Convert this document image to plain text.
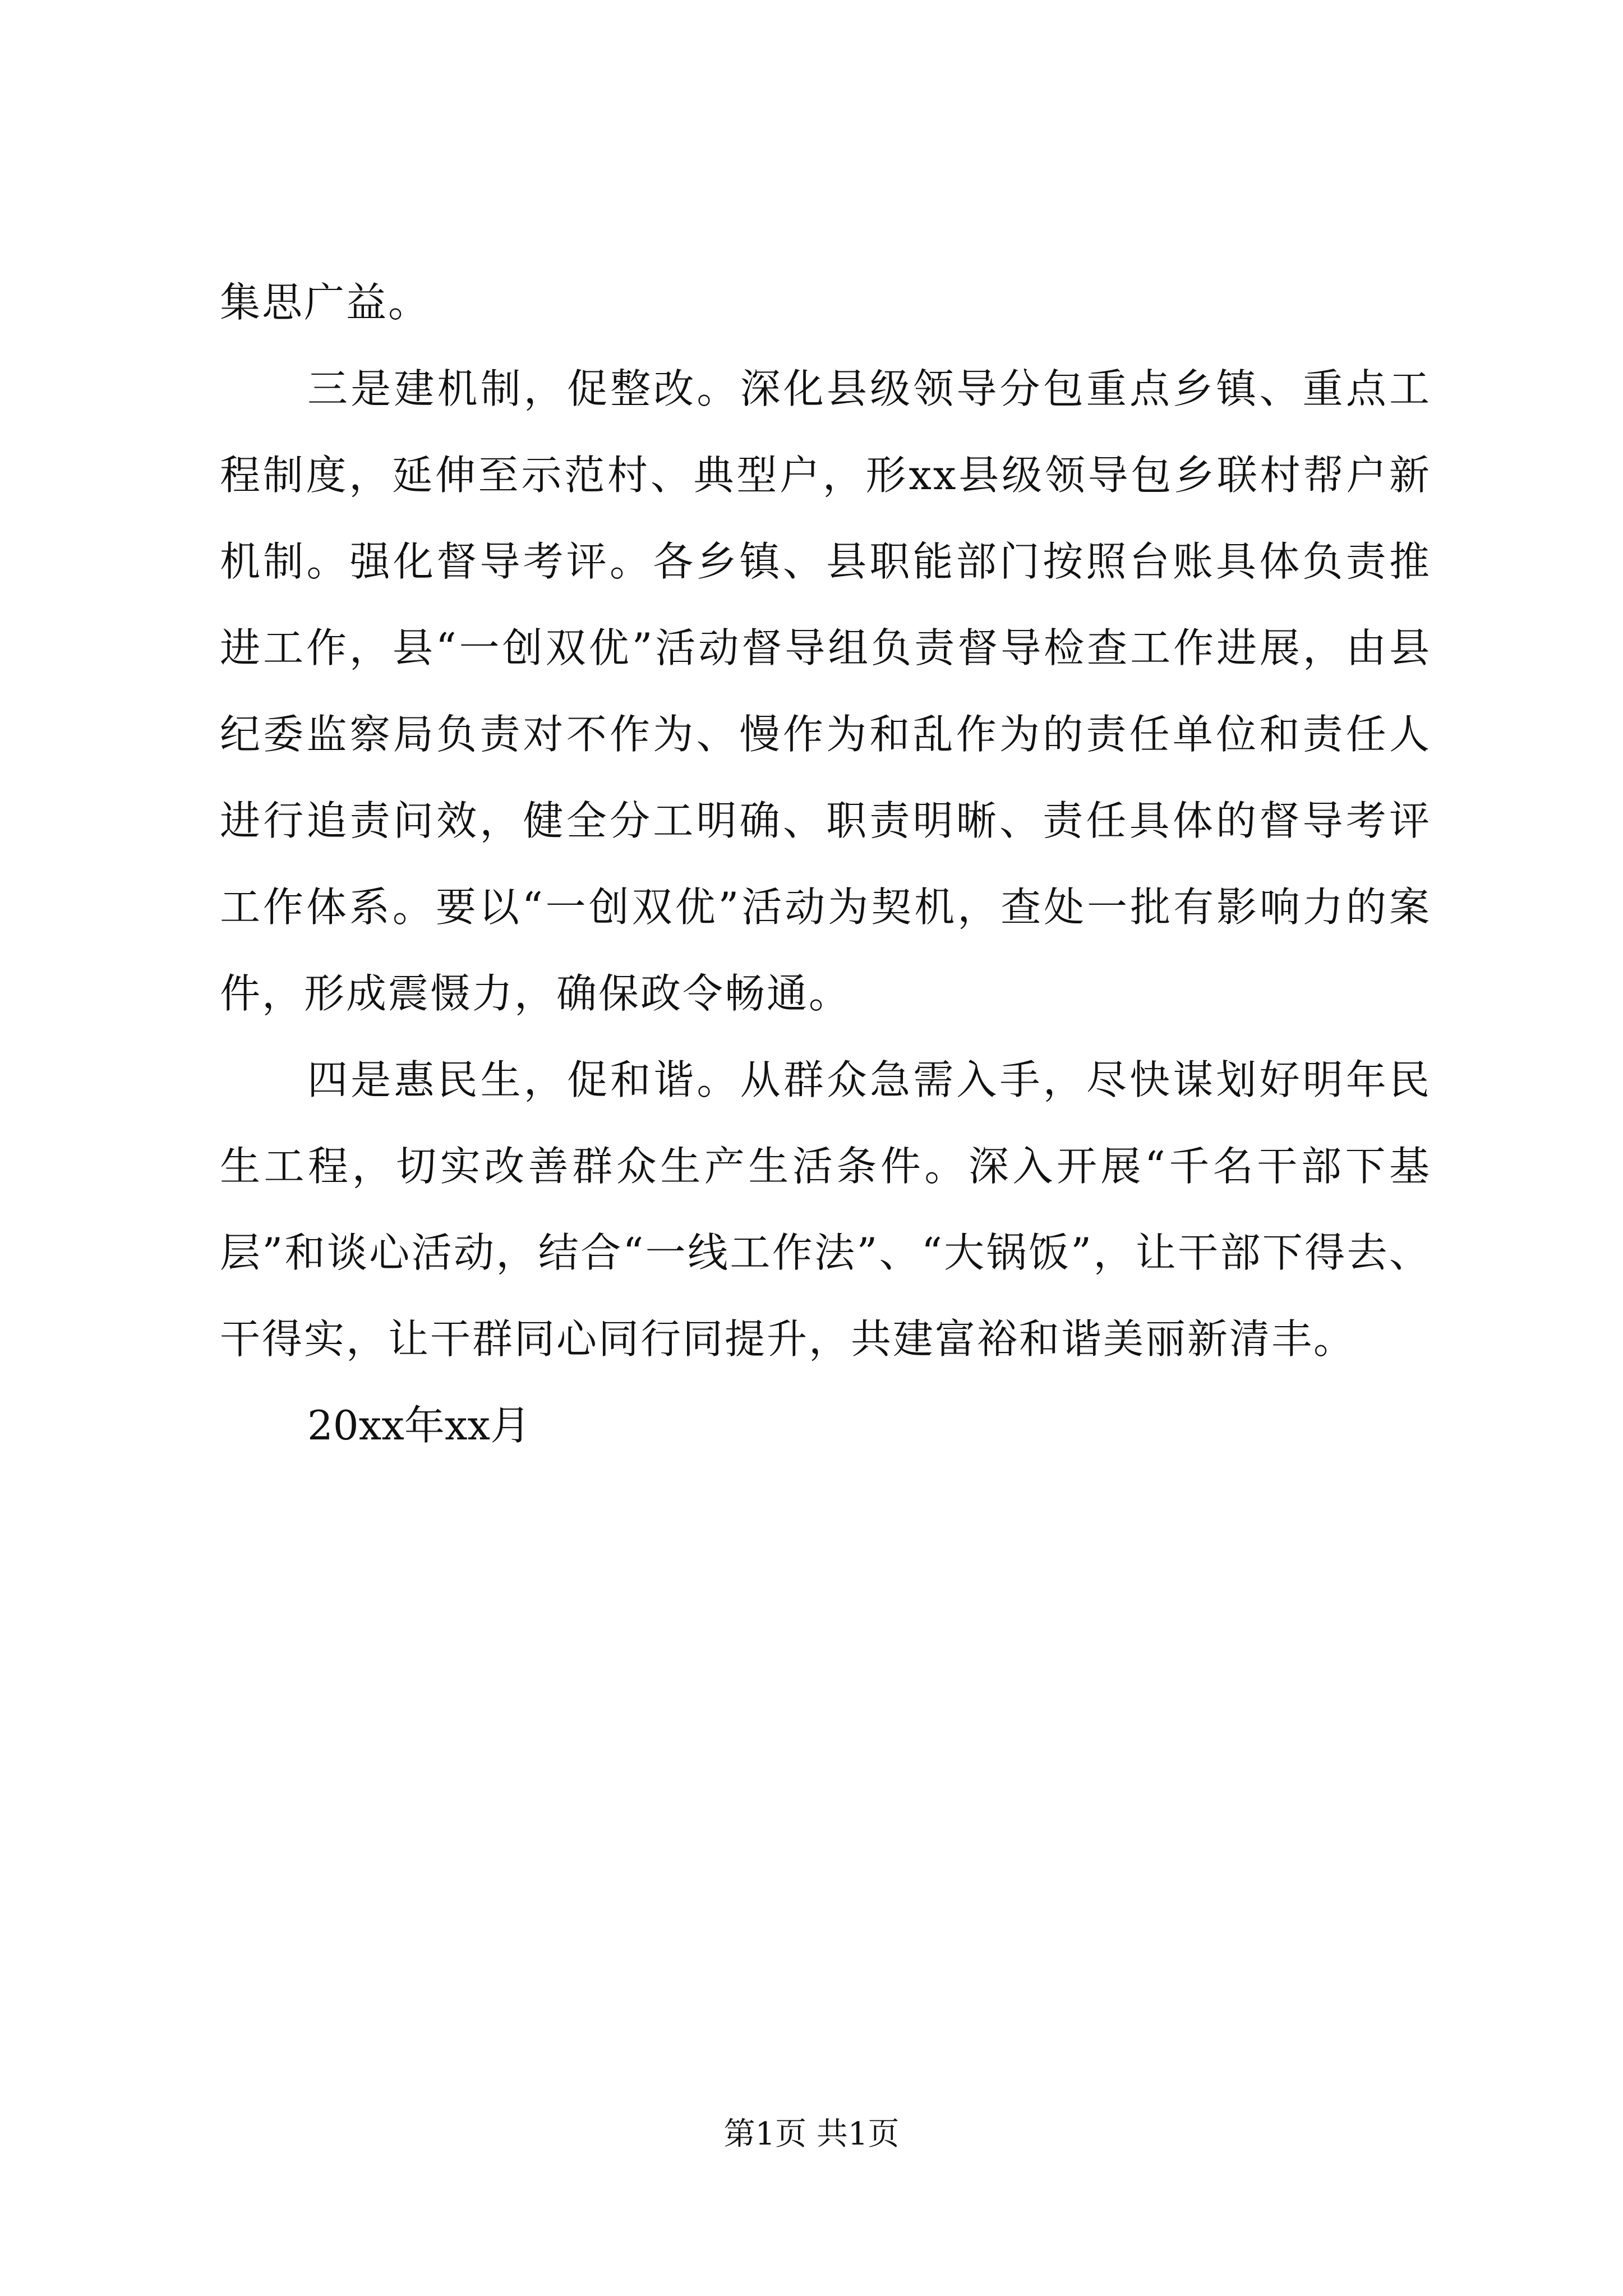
集思广益。

三是建机制，促整改。深化县级领导分包重点乡镇、重点工程制度，延伸至示范村、典型户，形xx县级领导包乡联村帮户新机制。强化督导考评。各乡镇、县职能部门按照台账具体负责推进工作，县“一创双优”活动督导组负责督导检查工作进展，由县纪委监察局负责对不作为、慢作为和乱作为的责任单位和责任人进行追责问效，健全分工明确、职责明晰、责任具体的督导考评工作体系。要以“一创双优”活动为契机，查处一批有影响力的案件，形成震慑力，确保政令畅通。

四是惠民生，促和谐。从群众急需入手，尽快谋划好明年民生工程，切实改善群众生产生活条件。深入开展“千名干部下基层”和谈心活动，结合“一线工作法”、“大锅饭”，让干部下得去、干得实，让干群同心同行同提升，共建富裕和谐美丽新清丰。

20xx年xx月

第1页 共1页
